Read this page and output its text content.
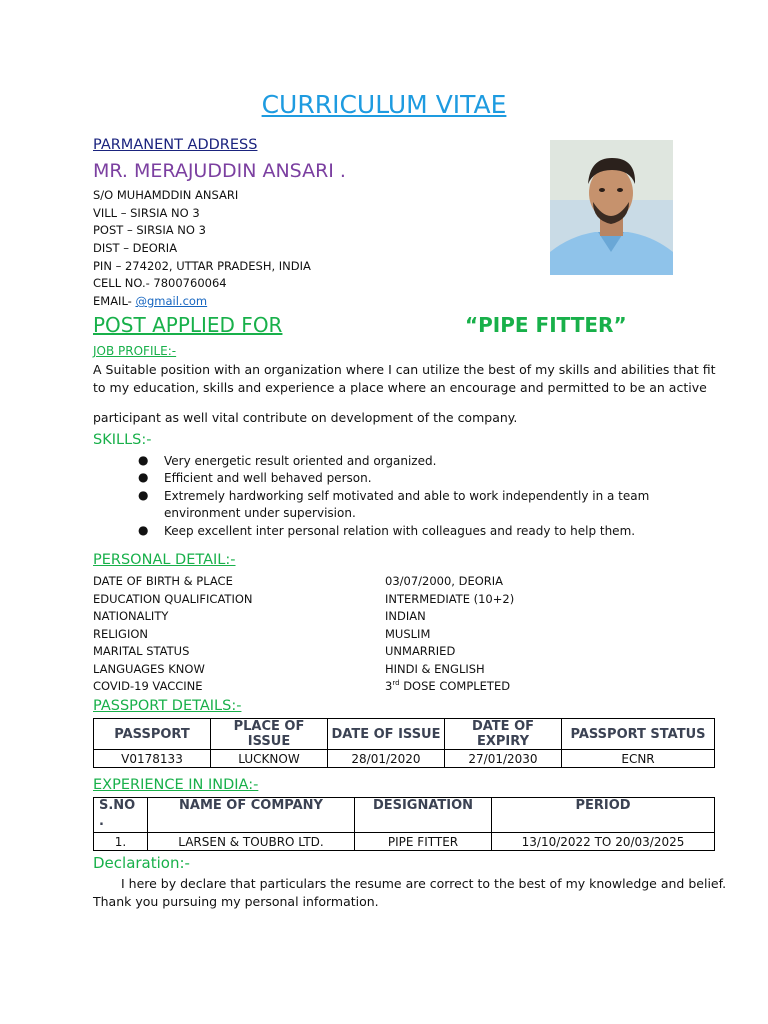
CURRICULUM VITAE
PARMANENT ADDRESS
MR. MERAJUDDIN ANSARI .
S/O MUHAMDDIN ANSARI
VILL – SIRSIA NO 3
POST – SIRSIA NO 3
DIST – DEORIA
PIN – 274202, UTTAR PRADESH, INDIA
CELL NO.- 7800760064
EMAIL- @gmail.com
POST APPLIED FOR	“PIPE FITTER”
JOB PROFILE:-
A Suitable position with an organization where I can utilize the best of my skills and abilities that fit
to my education, skills and experience a place where an encourage and permitted to be an active
participant as well vital contribute on development of the company.
SKILLS:-
● Very energetic result oriented and organized.
● Efficient and well behaved person.
● Extremely hardworking self motivated and able to work independently in a team
environment under supervision.
● Keep excellent inter personal relation with colleagues and ready to help them.
PERSONAL DETAIL:-
DATE OF BIRTH & PLACE	03/07/2000, DEORIA
EDUCATION QUALIFICATION	INTERMEDIATE (10+2)
NATIONALITY	INDIAN
RELIGION	MUSLIM
MARITAL STATUS	UNMARRIED
LANGUAGES KNOW	HINDI & ENGLISH
COVID-19 VACCINE	3rd DOSE COMPLETED
PASSPORT DETAILS:-
PASSPORT	PLACE OF ISSUE	DATE OF ISSUE	DATE OF EXPIRY	PASSPORT STATUS
V0178133	LUCKNOW	28/01/2020	27/01/2030	ECNR
EXPERIENCE IN INDIA:-
S.NO
.	NAME OF COMPANY	DESIGNATION	PERIOD
1.	LARSEN & TOUBRO LTD.	PIPE FITTER	13/10/2022 TO 20/03/2025
Declaration:-
I here by declare that particulars the resume are correct to the best of my knowledge and belief.
Thank you pursuing my personal information.
